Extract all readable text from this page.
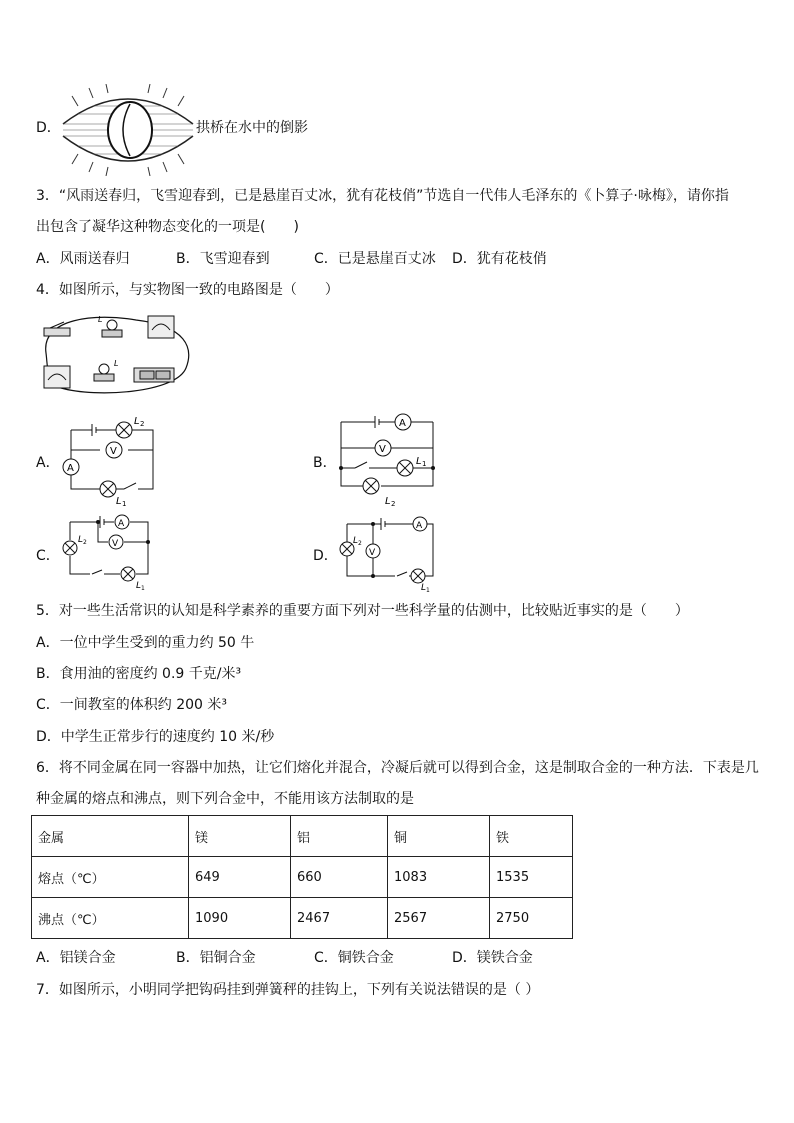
D．	拱桥在水中的倒影
3．“风雨送春归，飞雪迎春到，已是悬崖百丈冰，犹有花枝俏”节选自一代伟人毛泽东的《卜算子·咏梅》，请你指
出包含了凝华这种物态变化的一项是(　　)
A．风雨送春归	B．飞雪迎春到	C．已是悬崖百丈冰 D．犹有花枝俏
4．如图所示，与实物图一致的电路图是（　　）
L
L
A．
L 2
V
A
L 1
B．
A
V
L 1
L 2
C．
A
V
L 2
L 1
D．
A
V
L 2
L 1
5．对一些生活常识的认知是科学素养的重要方面下列对一些科学量的估测中，比较贴近事实的是（　　）
A．一位中学生受到的重力约 50 牛
B．食用油的密度约 0.9 千克/米³
C．一间教室的体积约 200 米³
D．中学生正常步行的速度约 10 米/秒
6．将不同金属在同一容器中加热，让它们熔化并混合，冷凝后就可以得到合金，这是制取合金的一种方法．下表是几
种金属的熔点和沸点，则下列合金中，不能用该方法制取的是
金属	镁	铝	铜	铁
熔点（℃）	649	660	1083	1535
沸点（℃）	1090	2467	2567	2750
A．铝镁合金	B．铝铜合金	C．铜铁合金	D．镁铁合金
7．如图所示，小明同学把钩码挂到弹簧秤的挂钩上，下列有关说法错误的是（ ）
